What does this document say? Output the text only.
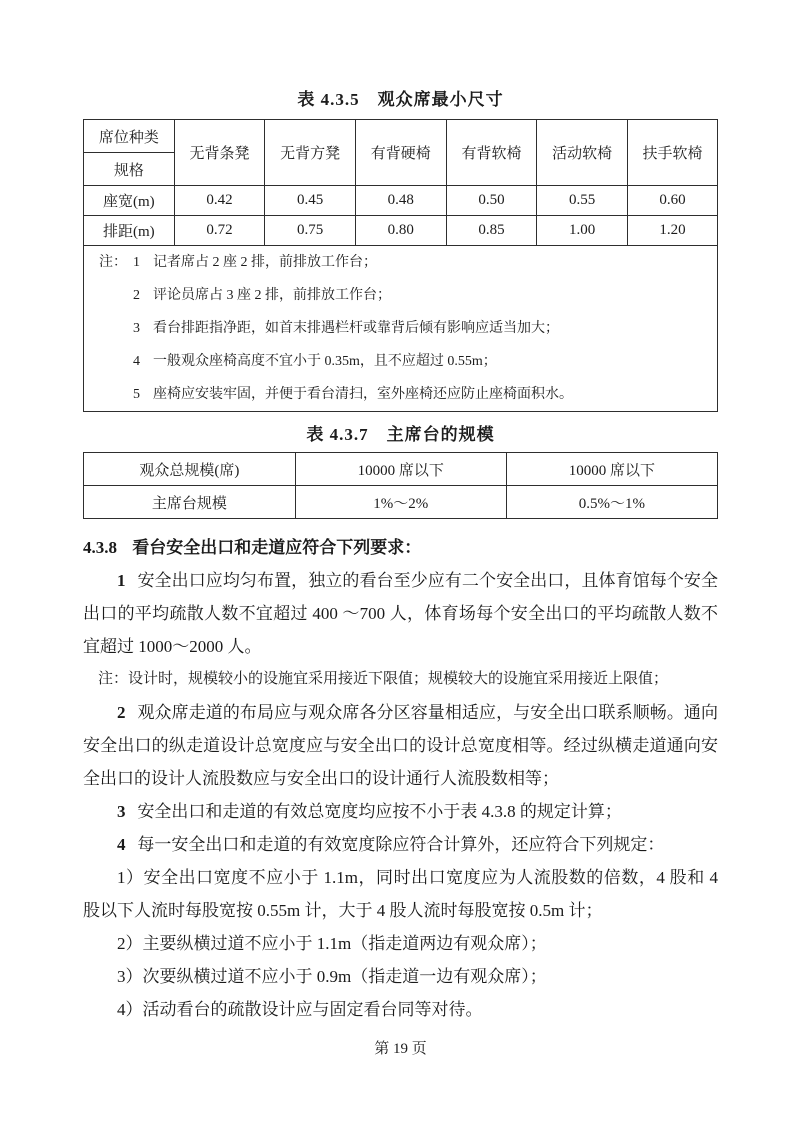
表 4.3.5　观众席最小尺寸
席位种类	无背条凳	无背方凳	有背硬椅	有背软椅	活动软椅	扶手软椅
规格						
座宽(m)	0.42	0.45	0.48	0.50	0.55	0.60
排距(m)	0.72	0.75	0.80	0.85	1.00	1.20

注： 1 记者席占 2 座 2 排，前排放工作台；
2 评论员席占 3 座 2 排，前排放工作台；
3 看台排距指净距，如首末排遇栏杆或靠背后倾有影响应适当加大；
4 一般观众座椅高度不宜小于 0.35m，且不应超过 0.55m；
5 座椅应安装牢固，并便于看台清扫，室外座椅还应防止座椅面积水。
表 4.3.7　主席台的规模
观众总规模(席)	10000 席以下	10000 席以下
主席台规模	1%～2%	0.5%～1%

4.3.8 看台安全出口和走道应符合下列要求：

1 安全出口应均匀布置，独立的看台至少应有二个安全出口，且体育馆每个安全出口的平均疏散人数不宜超过 400 ～700 人，体育场每个安全出口的平均疏散人数不宜超过 1000～2000 人。

注：设计时，规模较小的设施宜采用接近下限值；规模较大的设施宜采用接近上限值；

2 观众席走道的布局应与观众席各分区容量相适应，与安全出口联系顺畅。通向安全出口的纵走道设计总宽度应与安全出口的设计总宽度相等。经过纵横走道通向安全出口的设计人流股数应与安全出口的设计通行人流股数相等；

3 安全出口和走道的有效总宽度均应按不小于表 4.3.8 的规定计算；

4 每一安全出口和走道的有效宽度除应符合计算外，还应符合下列规定：

1）安全出口宽度不应小于 1.1m，同时出口宽度应为人流股数的倍数，4 股和 4 股以下人流时每股宽按 0.55m 计，大于 4 股人流时每股宽按 0.5m 计；

2）主要纵横过道不应小于 1.1m（指走道两边有观众席）；

3）次要纵横过道不应小于 0.9m（指走道一边有观众席）；

4）活动看台的疏散设计应与固定看台同等对待。

第 19 页
